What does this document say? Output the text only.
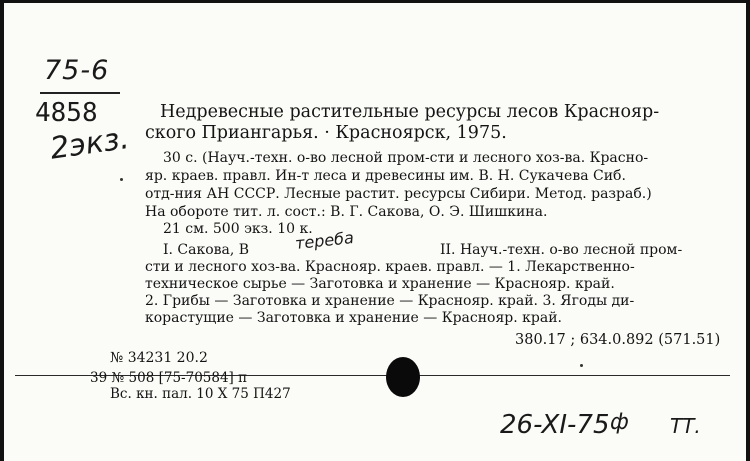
75-6
4858
2экз.
Недревесные растительные ресурсы лесов Краснояр-
ского Приангарья. · Красноярск, 1975.
30 с. (Науч.-техн. о-во лесной пром-сти и лесного хоз-ва. Красно-
яр. краев. правл. Ин-т леса и древесины им. В. Н. Сукачева Сиб.
отд-ния АН СССР. Лесные растит. ресурсы Сибири. Метод. разраб.)
На обороте тит. л. сост.: В. Г. Сакова, О. Э. Шишкина.
21 см. 500 экз. 10 к.
I. Сакова, В	тереба	II. Науч.-техн. о-во лесной пром-
сти и лесного хоз-ва. Краснояр. краев. правл. — 1. Лекарственно-
техническое сырье — Заготовка и хранение — Краснояр. край.
2. Грибы — Заготовка и хранение — Краснояр. край. 3. Ягоды ди-
корастущие — Заготовка и хранение — Краснояр. край.
380.17 ; 634.0.892 (571.51)
№ 34231 20.2
39 № 508 [75-70584] п
Вс. кн. пал. 10 X 75 П427
26-XI-75 ф ТТ.
